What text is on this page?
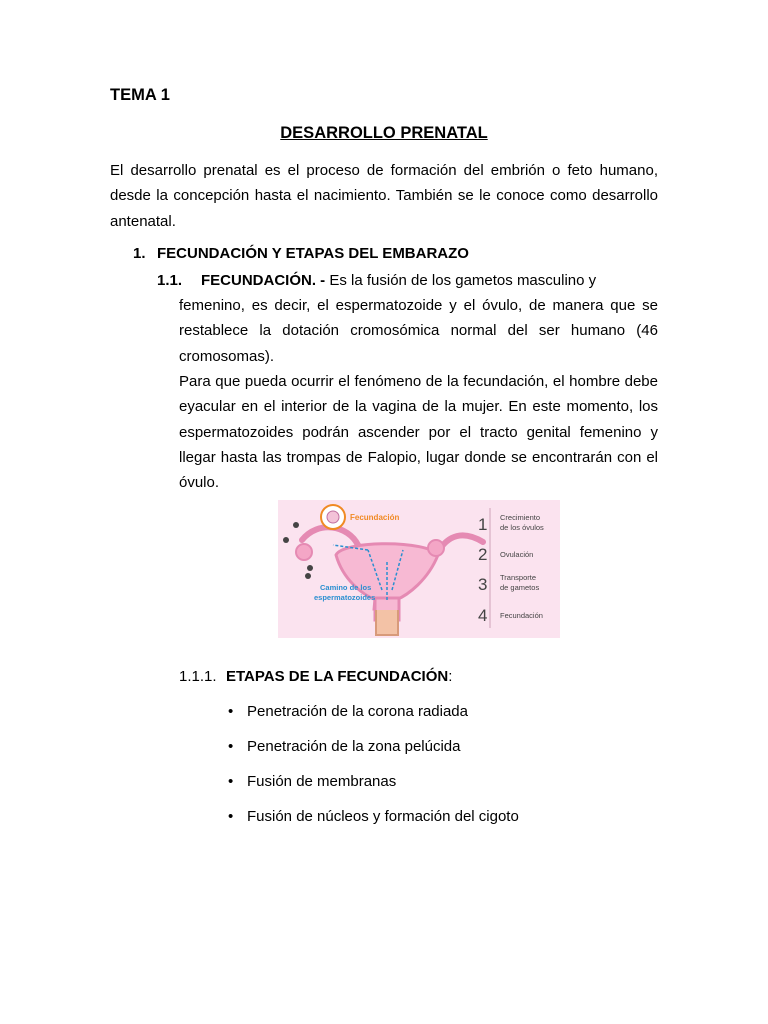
TEMA 1
DESARROLLO PRENATAL
El desarrollo prenatal es el proceso de formación del embrión o feto humano, desde la concepción hasta el nacimiento. También se le conoce como desarrollo antenatal.
1. FECUNDACIÓN Y ETAPAS DEL EMBARAZO
1.1. FECUNDACIÓN. - Es la fusión de los gametos masculino y
femenino, es decir, el espermatozoide y el óvulo, de manera que se restablece la dotación cromosómica normal del ser humano (46 cromosomas).
Para que pueda ocurrir el fenómeno de la fecundación, el hombre debe eyacular en el interior de la vagina de la mujer. En este momento, los espermatozoides podrán ascender por el tracto genital femenino y llegar hasta las trompas de Falopio, lugar donde se encontrarán con el óvulo.
Fecundación
Camino de los
espermatozoides
1 Crecimiento
de los óvulos
2 Ovulación
3 Transporte
de gametos
4 Fecundación
1.1.1. ETAPAS DE LA FECUNDACIÓN:
• Penetración de la corona radiada
• Penetración de la zona pelúcida
• Fusión de membranas
• Fusión de núcleos y formación del cigoto
